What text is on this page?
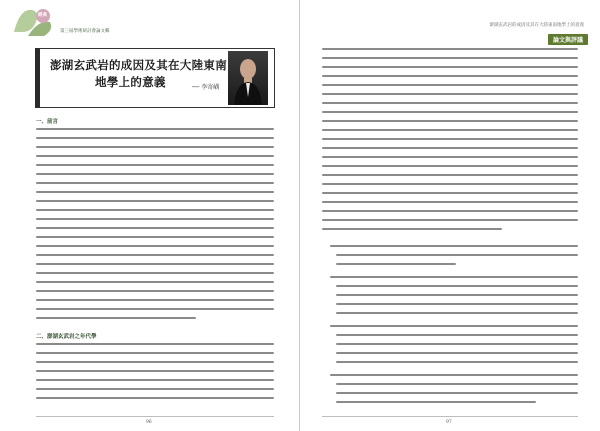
經典
第三屆學術研討會論文輯
澎湖玄武岩的成因及其在大陸東南
地學上的意義	── 李寄嵎
一、前言
二、澎湖玄武岩之年代學
96
澎湖玄武岩的成因及其在大陸東南地學上的意義
論文與評議
97
